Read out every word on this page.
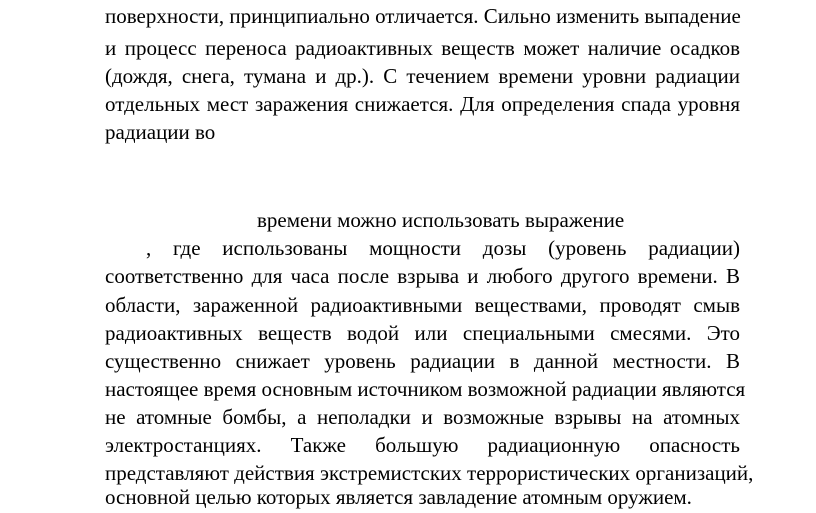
поверхности, принципиально отличается. Сильно изменить выпадение
и процесс переноса радиоактивных веществ может наличие осадков
(дождя, снега, тумана и др.). С течением времени уровни радиации
отдельных мест заражения снижается. Для определения спада уровня
радиации во
времени можно использовать выражение
, где использованы мощности дозы (уровень радиации)
соответственно для часа после взрыва и любого другого времени. В
области, зараженной радиоактивными веществами, проводят смыв
радиоактивных веществ водой или специальными смесями. Это
существенно снижает уровень радиации в данной местности. В
настоящее время основным источником возможной радиации являются
не атомные бомбы, а неполадки и возможные взрывы на атомных
электростанциях. Также большую радиационную опасность
представляют действия экстремистских террористических организаций,
основной целью которых является завладение атомным оружием.
